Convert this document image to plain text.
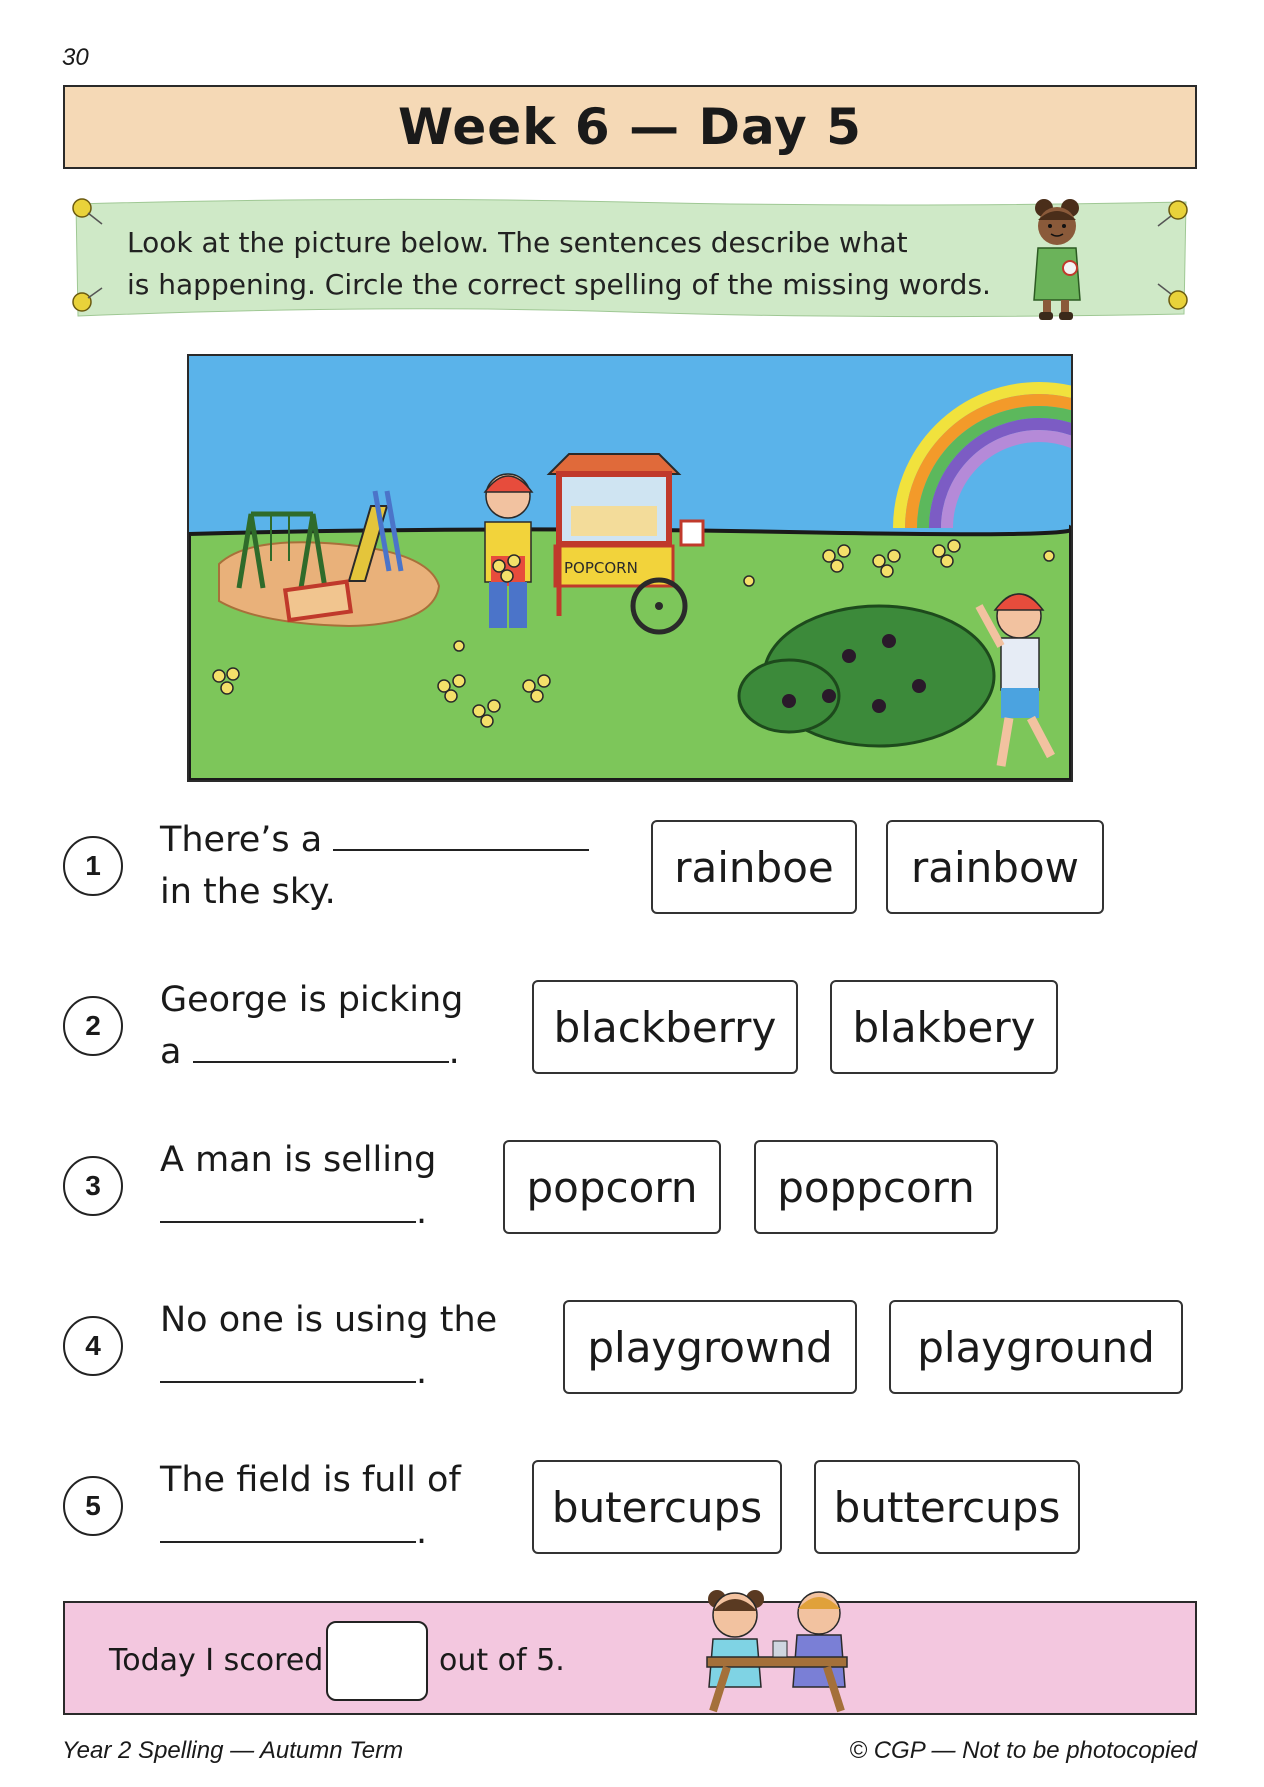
30
Week 6 — Day 5
Look at the picture below. The sentences describe what
is happening. Circle the correct spelling of the missing words.
POPCORN
1
There’s a
in the sky.
rainboe	rainbow
2
George is picking
a	.
blackberry	blakbery
3
A man is selling
.
popcorn	poppcorn
4
No one is using the
.
playgrownd	playground
5
The field is full of
.
butercups	buttercups
Today I scored	out of 5.
Year 2 Spelling — Autumn Term	© CGP — Not to be photocopied
